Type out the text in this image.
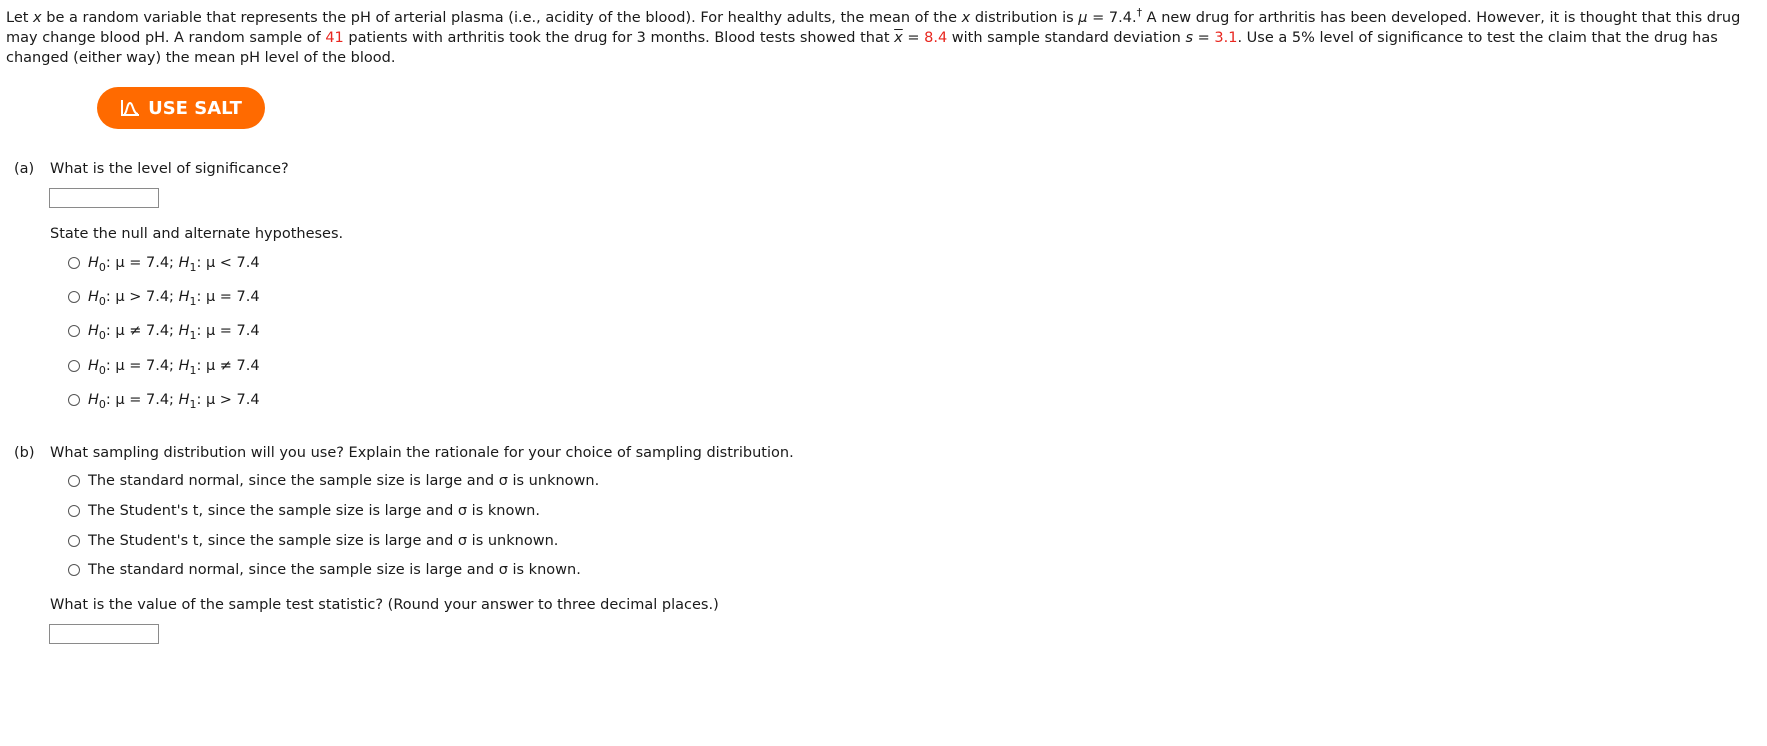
Let x be a random variable that represents the pH of arterial plasma (i.e., acidity of the blood). For healthy adults, the mean of the x distribution is μ = 7.4.† A new drug for arthritis has been developed. However, it is thought that this drug may change blood pH. A random sample of 41 patients with arthritis took the drug for 3 months. Blood tests showed that $\overline{x} = 8.4$ with sample standard deviation s = 3.1. Use a 5% level of significance to test the claim that the drug has changed (either way) the mean pH level of the blood.
USE SALT
(a) What is the level of significance?
State the null and alternate hypotheses.
H 0 : μ = 7.4;
H 1 : μ < 7.4
H 0 : μ > 7.4;
H 1 : μ = 7.4
H 0 : μ ≠ 7.4;
H 1 : μ = 7.4
H 0 : μ = 7.4;
H 1 : μ ≠ 7.4
H 0 : μ = 7.4;
H 1 : μ > 7.4
(b) What sampling distribution will you use? Explain the rationale for your choice of sampling distribution.
The standard normal, since the sample size is large and σ is unknown.
The Student's t, since the sample size is large and σ is known.
The Student's t, since the sample size is large and σ is unknown.
The standard normal, since the sample size is large and σ is known.
What is the value of the sample test statistic? (Round your answer to three decimal places.)
